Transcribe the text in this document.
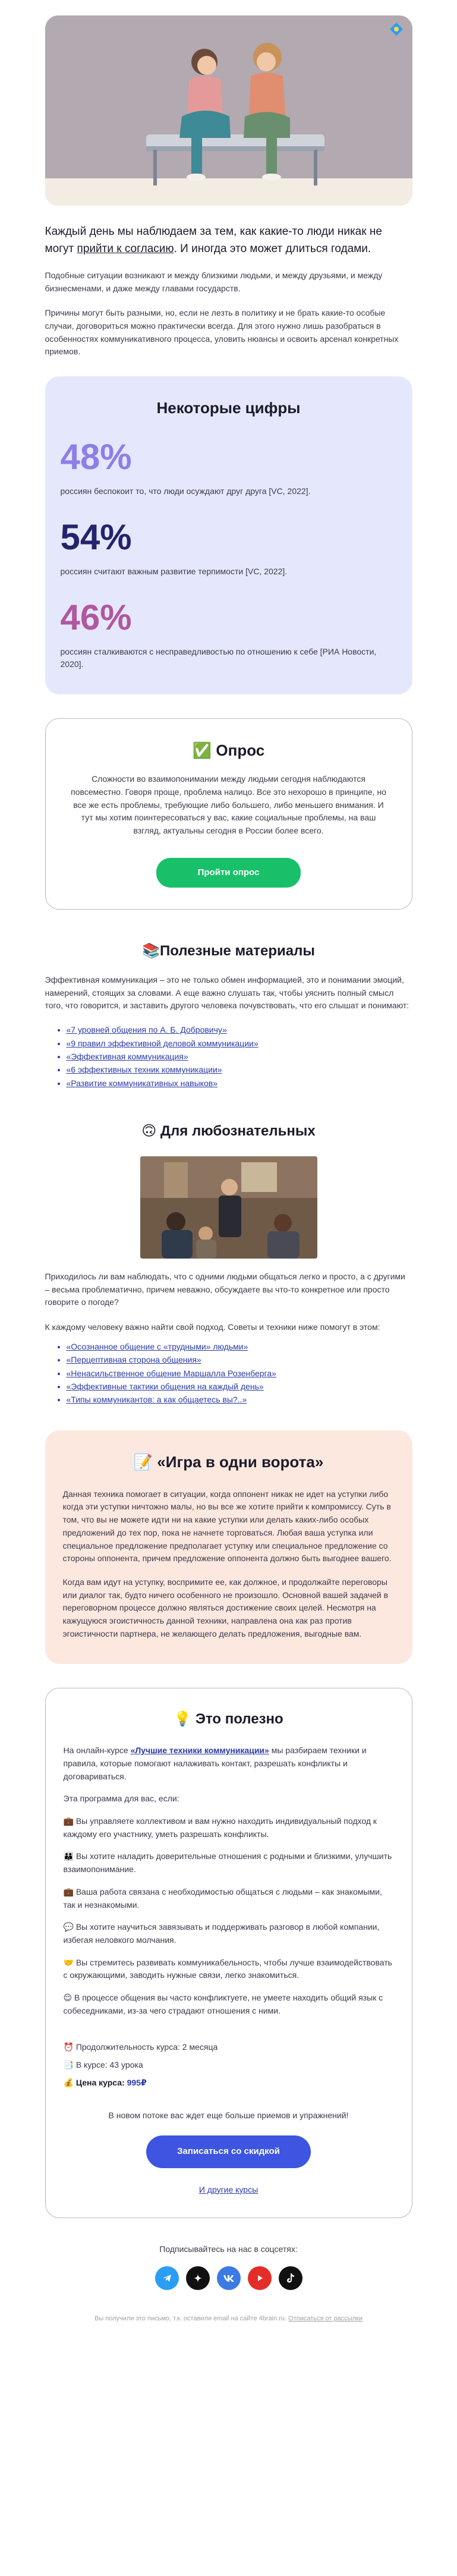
Каждый день мы наблюдаем за тем, как какие-то люди никак не могут прийти к согласию. И иногда это может длиться годами.

Подобные ситуации возникают и между близкими людьми, и между друзьями, и между бизнесменами, и даже между главами государств.

Причины могут быть разными, но, если не лезть в политику и не брать какие-то особые случаи, договориться можно практически всегда. Для этого нужно лишь разобраться в особенностях коммуникативного процесса, уловить нюансы и освоить арсенал конкретных приемов.

Некоторые цифры
48%
россиян беспокоит то, что люди осуждают друг друга [VC, 2022].
54%
россиян считают важным развитие терпимости [VC, 2022].
46%
россиян сталкиваются с несправедливостью по отношению к себе [РИА Новости, 2020].
✅ Опрос

Сложности во взаимопонимании между людьми сегодня наблюдаются повсеместно. Говоря проще, проблема налицо. Все это нехорошо в принципе, но все же есть проблемы, требующие либо большего, либо меньшего внимания. И тут мы хотим поинтересоваться у вас, какие социальные проблемы, на ваш взгляд, актуальны сегодня в России более всего.

Пройти опрос
📚Полезные материалы

Эффективная коммуникация – это не только обмен информацией, это и понимании эмоций, намерений, стоящих за словами. А еще важно слушать так, чтобы уяснить полный смысл того, что говорится, и заставить другого человека почувствовать, что его слышат и понимают:

• «7 уровней общения по А. Б. Добровичу»
• «9 правил эффективной деловой коммуникации»
• «Эффективная коммуникация»
• «6 эффективных техник коммуникации»
• «Развитие коммуникативных навыков»
🙃 Для любознательных

Приходилось ли вам наблюдать, что с одними людьми общаться легко и просто, а с другими – весьма проблематично, причем неважно, обсуждаете вы что-то конкретное или просто говорите о погоде?

К каждому человеку важно найти свой подход. Советы и техники ниже помогут в этом:

• «Осознанное общение с «трудными» людьми»
• «Перцептивная сторона общения»
• «Ненасильственное общение Маршалла Розенберга»
• «Эффективные тактики общения на каждый день»
• «Типы коммуникантов: а как общаетесь вы?..»
📝 «Игра в одни ворота»

Данная техника помогает в ситуации, когда оппонент никак не идет на уступки либо когда эти уступки ничтожно малы, но вы все же хотите прийти к компромиссу. Суть в том, что вы не можете идти ни на какие уступки или делать каких-либо особых предложений до тех пор, пока не начнете торговаться. Любая ваша уступка или специальное предложение предполагает уступку или специальное предложение со стороны оппонента, причем предложение оппонента должно быть выгоднее вашего.

Когда вам идут на уступку, воспримите ее, как должное, и продолжайте переговоры или диалог так, будто ничего особенного не произошло. Основной вашей задачей в переговорном процессе должно являться достижение своих целей. Несмотря на кажущуюся эгоистичность данной техники, направлена она как раз против эгоистичности партнера, не желающего делать предложения, выгодные вам.

💡 Это полезно

На онлайн-курсе «Лучшие техники коммуникации» мы разбираем техники и правила, которые помогают налаживать контакт, разрешать конфликты и договариваться.

Эта программа для вас, если:

💼 Вы управляете коллективом и вам нужно находить индивидуальный подход к каждому его участнику, уметь разрешать конфликты.

👪 Вы хотите наладить доверительные отношения с родными и близкими, улучшить взаимопонимание.

💼 Ваша работа связана с необходимостью общаться с людьми – как знакомыми, так и незнакомыми.

💬 Вы хотите научиться завязывать и поддерживать разговор в любой компании, избегая неловкого молчания.

🤝 Вы стремитесь развивать коммуникабельность, чтобы лучше взаимодействовать с окружающими, заводить нужные связи, легко знакомиться.

😌 В процессе общения вы часто конфликтуете, не умеете находить общий язык с собеседниками, из-за чего страдают отношения с ними.

⏰ Продолжительность курса: 2 месяца

📑 В курсе: 43 урока

💰 Цена курса: 995₽

В новом потоке вас ждет еще больше приемов и упражнений!

Записаться со скидкой

И другие курсы

Подписывайтесь на нас в соцсетях:
Вы получили это письмо, т.к. оставили email на сайте 4brain.ru. Отписаться от рассылки
